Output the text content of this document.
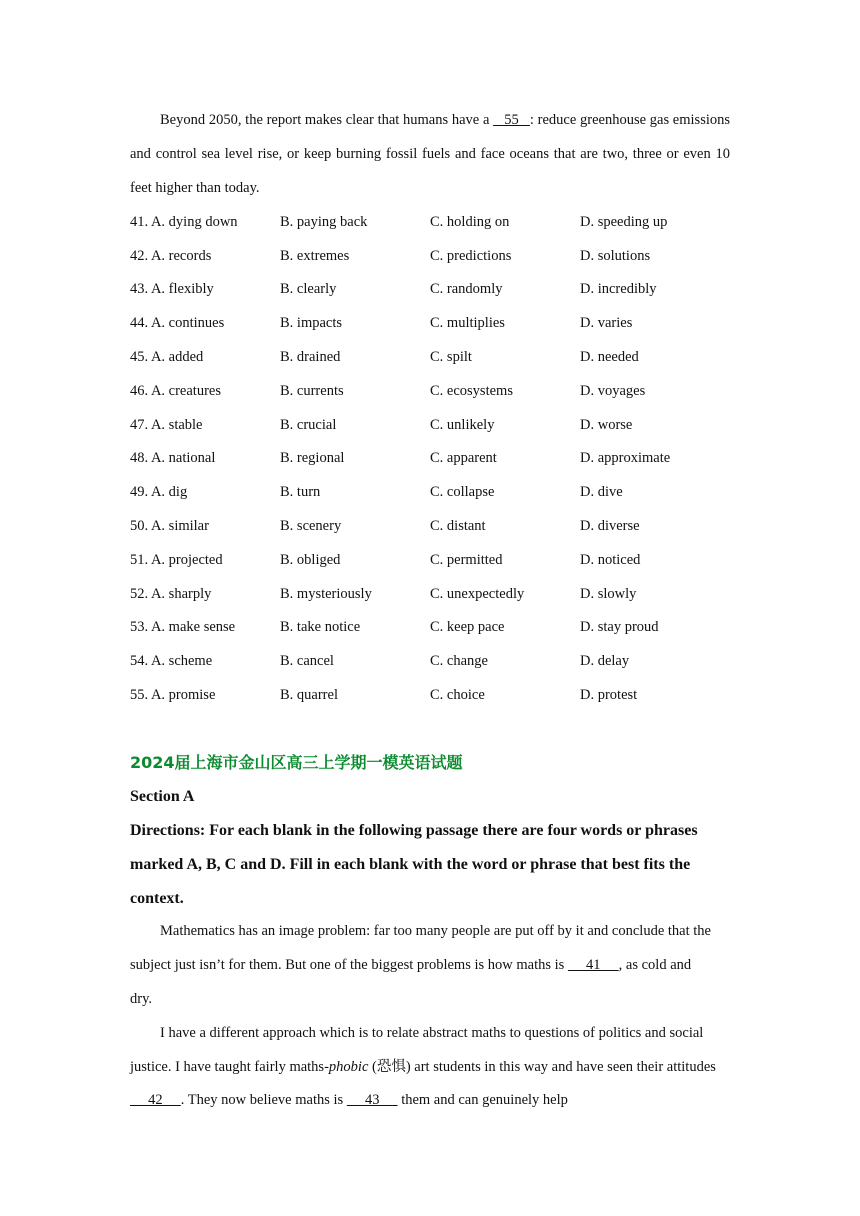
Beyond 2050, the report makes clear that humans have a    55   : reduce greenhouse gas emissions and control sea level rise, or keep burning fossil fuels and face oceans that are two, three or even 10 feet higher than today.

41. A. dying down	B. paying back	C. holding on	D. speeding up
42. A. records	B. extremes	C. predictions	D. solutions
43. A. flexibly	B. clearly	C. randomly	D. incredibly
44. A. continues	B. impacts	C. multiplies	D. varies
45. A. added	B. drained	C. spilt	D. needed
46. A. creatures	B. currents	C. ecosystems	D. voyages
47. A. stable	B. crucial	C. unlikely	D. worse
48. A. national	B. regional	C. apparent	D. approximate
49. A. dig	B. turn	C. collapse	D. dive
50. A. similar	B. scenery	C. distant	D. diverse
51. A. projected	B. obliged	C. permitted	D. noticed
52. A. sharply	B. mysteriously	C. unexpectedly	D. slowly
53. A. make sense	B. take notice	C. keep pace	D. stay proud
54. A. scheme	B. cancel	C. change	D. delay
55. A. promise	B. quarrel	C. choice	D. protest
2024届上海市金山区高三上学期一模英语试题

Section A

Directions: For each blank in the following passage there are four words or phrases marked A, B, C and D. Fill in each blank with the word or phrase that best fits the context.

Mathematics has an image problem: far too many people are put off by it and conclude that the subject just isn’t for them. But one of the biggest problems is how maths is      41     , as cold and dry.

I have a different approach which is to relate abstract maths to questions of politics and social justice. I have taught fairly maths-phobic (恐惧) art students in this way and have seen their attitudes      42     . They now believe maths is      43      them and can genuinely help
